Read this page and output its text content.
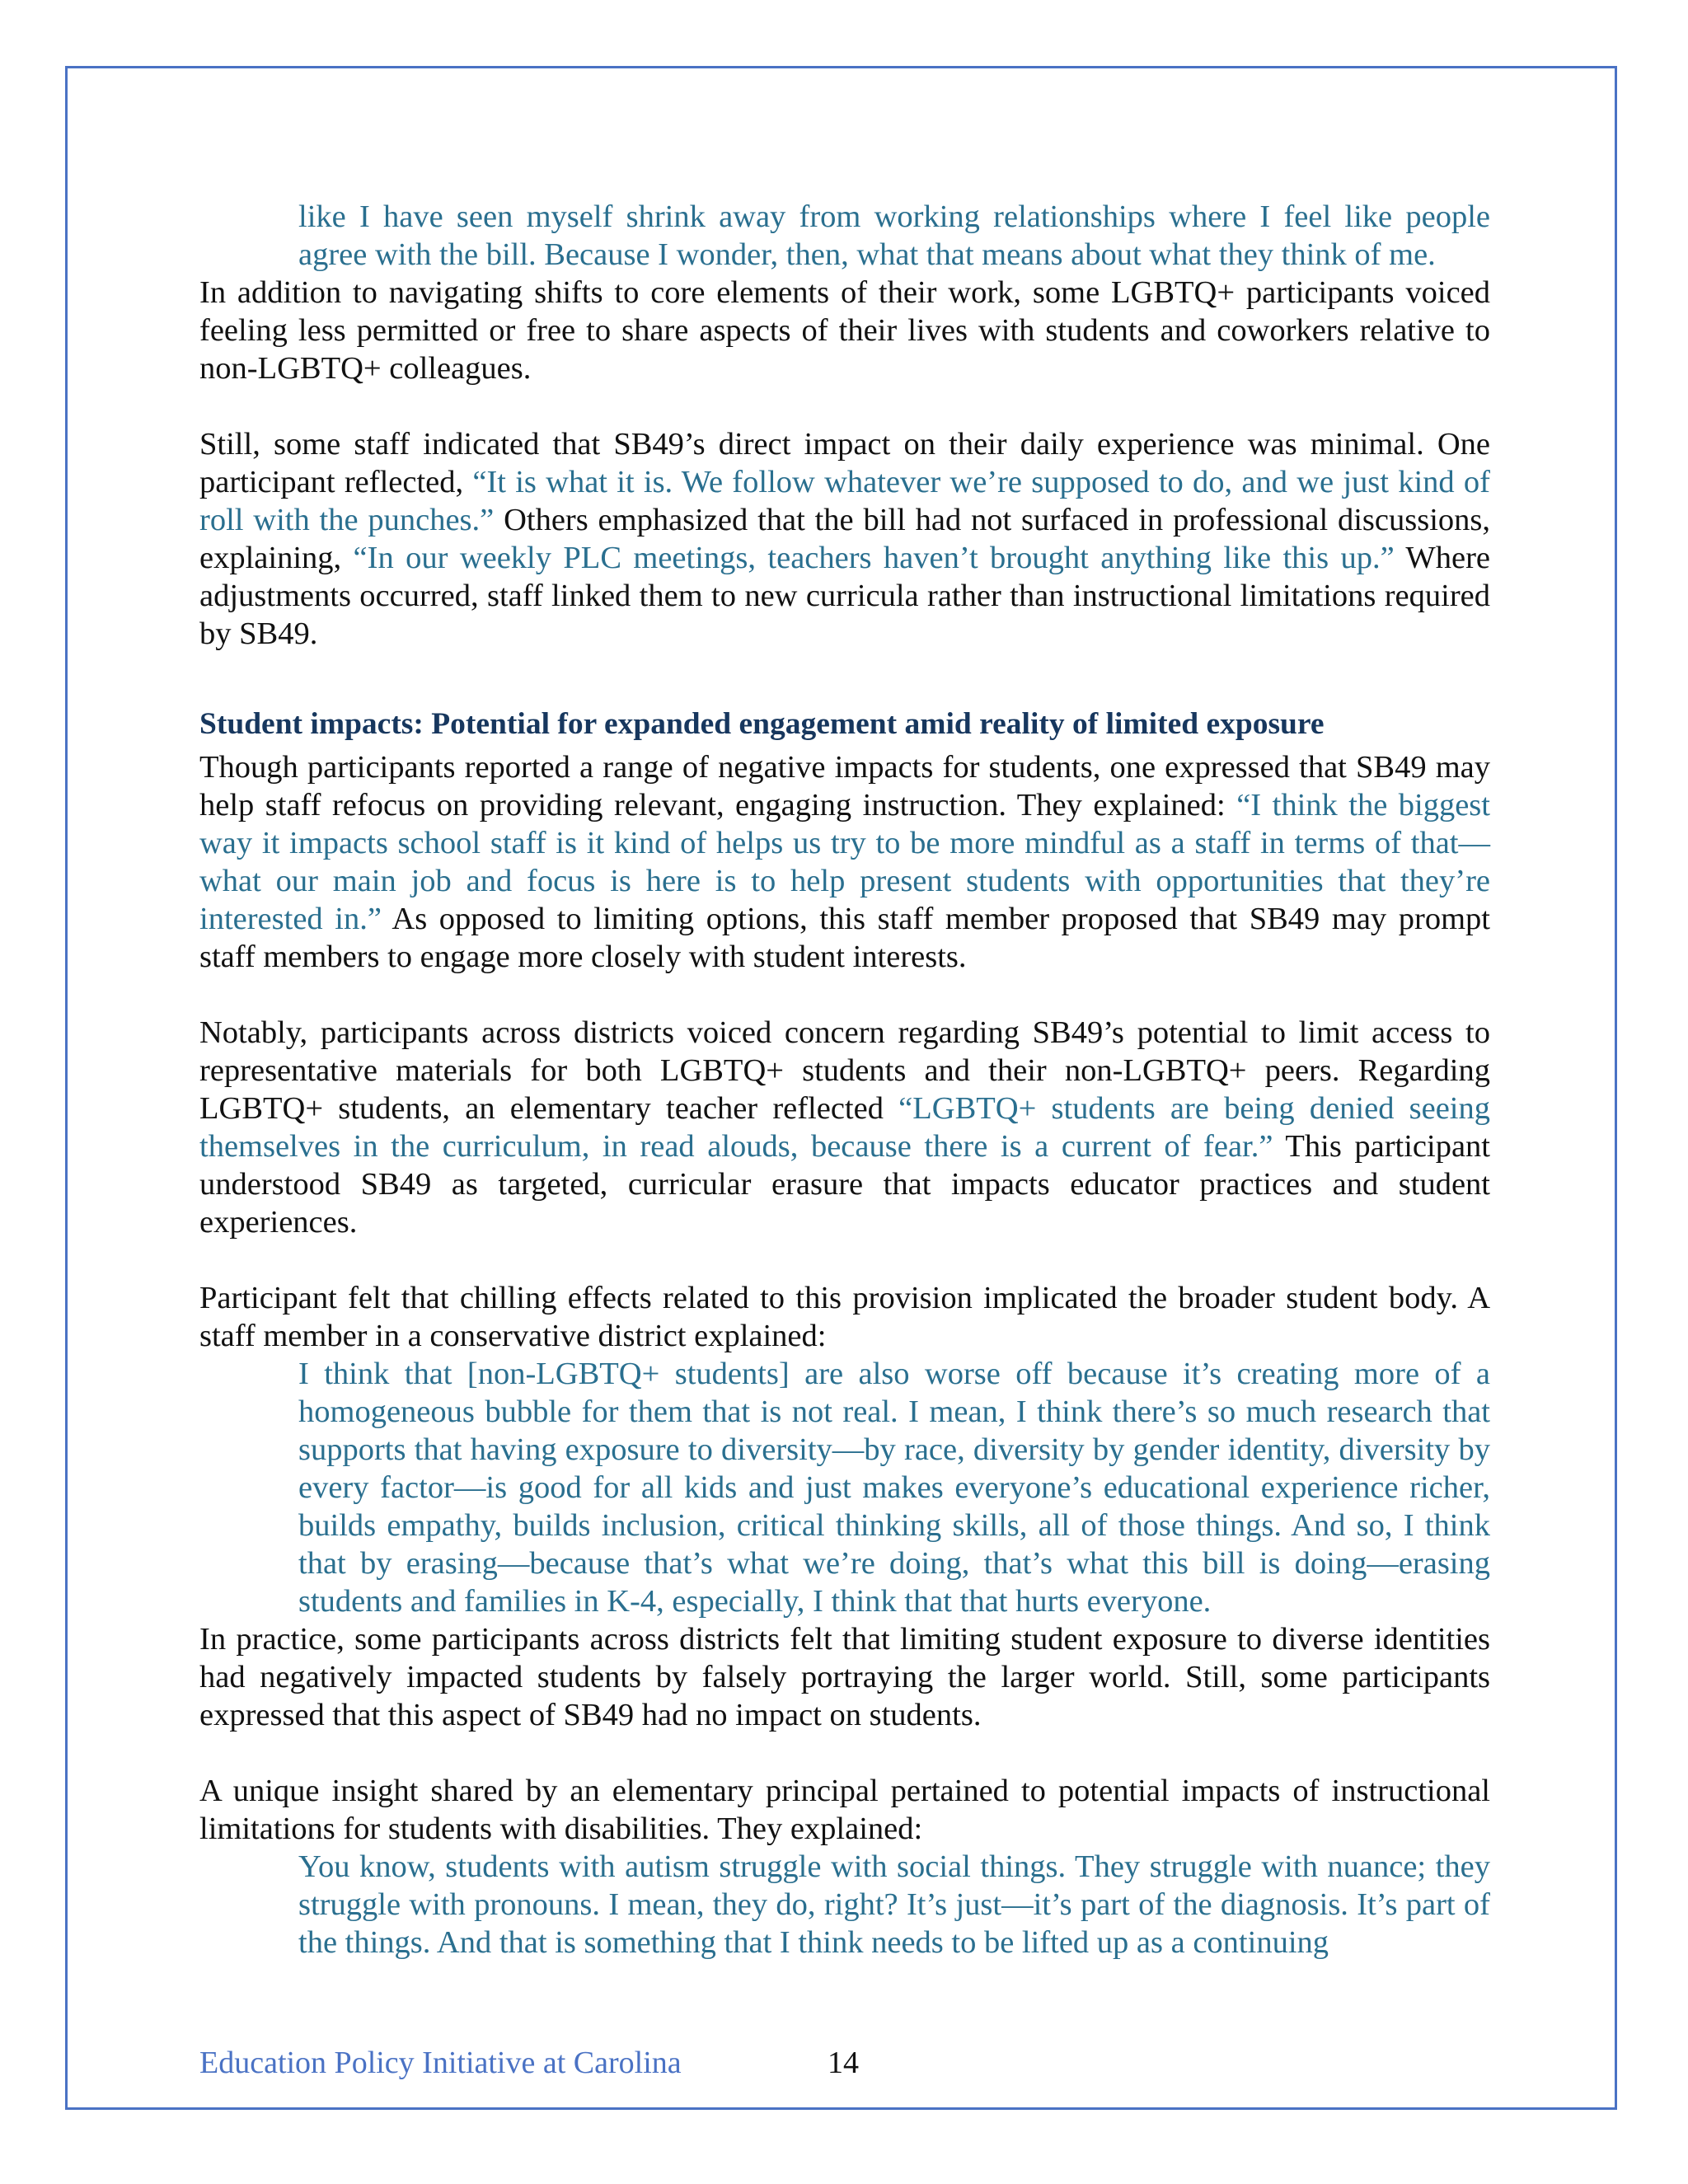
like I have seen myself shrink away from working relationships where I feel like people agree with the bill. Because I wonder, then, what that means about what they think of me.

In addition to navigating shifts to core elements of their work, some LGBTQ+ participants voiced feeling less permitted or free to share aspects of their lives with students and coworkers relative to non-LGBTQ+ colleagues.

Still, some staff indicated that SB49’s direct impact on their daily experience was minimal. One participant reflected, “It is what it is. We follow whatever we’re supposed to do, and we just kind of roll with the punches.” Others emphasized that the bill had not surfaced in professional discussions, explaining, “In our weekly PLC meetings, teachers haven’t brought anything like this up.” Where adjustments occurred, staff linked them to new curricula rather than instructional limitations required by SB49.

Student impacts: Potential for expanded engagement amid reality of limited exposure

Though participants reported a range of negative impacts for students, one expressed that SB49 may help staff refocus on providing relevant, engaging instruction. They explained: “I think the biggest way it impacts school staff is it kind of helps us try to be more mindful as a staff in terms of that—what our main job and focus is here is to help present students with opportunities that they’re interested in.” As opposed to limiting options, this staff member proposed that SB49 may prompt staff members to engage more closely with student interests.

Notably, participants across districts voiced concern regarding SB49’s potential to limit access to representative materials for both LGBTQ+ students and their non-LGBTQ+ peers. Regarding LGBTQ+ students, an elementary teacher reflected “LGBTQ+ students are being denied seeing themselves in the curriculum, in read alouds, because there is a current of fear.” This participant understood SB49 as targeted, curricular erasure that impacts educator practices and student experiences.

Participant felt that chilling effects related to this provision implicated the broader student body. A staff member in a conservative district explained:

I think that [non-LGBTQ+ students] are also worse off because it’s creating more of a homogeneous bubble for them that is not real. I mean, I think there’s so much research that supports that having exposure to diversity—by race, diversity by gender identity, diversity by every factor—is good for all kids and just makes everyone’s educational experience richer, builds empathy, builds inclusion, critical thinking skills, all of those things. And so, I think that by erasing—because that’s what we’re doing, that’s what this bill is doing—erasing students and families in K-4, especially, I think that that hurts everyone.

In practice, some participants across districts felt that limiting student exposure to diverse identities had negatively impacted students by falsely portraying the larger world. Still, some participants expressed that this aspect of SB49 had no impact on students.

A unique insight shared by an elementary principal pertained to potential impacts of instructional limitations for students with disabilities. They explained:

You know, students with autism struggle with social things. They struggle with nuance; they struggle with pronouns. I mean, they do, right? It’s just—it’s part of the diagnosis. It’s part of the things. And that is something that I think needs to be lifted up as a continuing

Education Policy Initiative at Carolina	14
